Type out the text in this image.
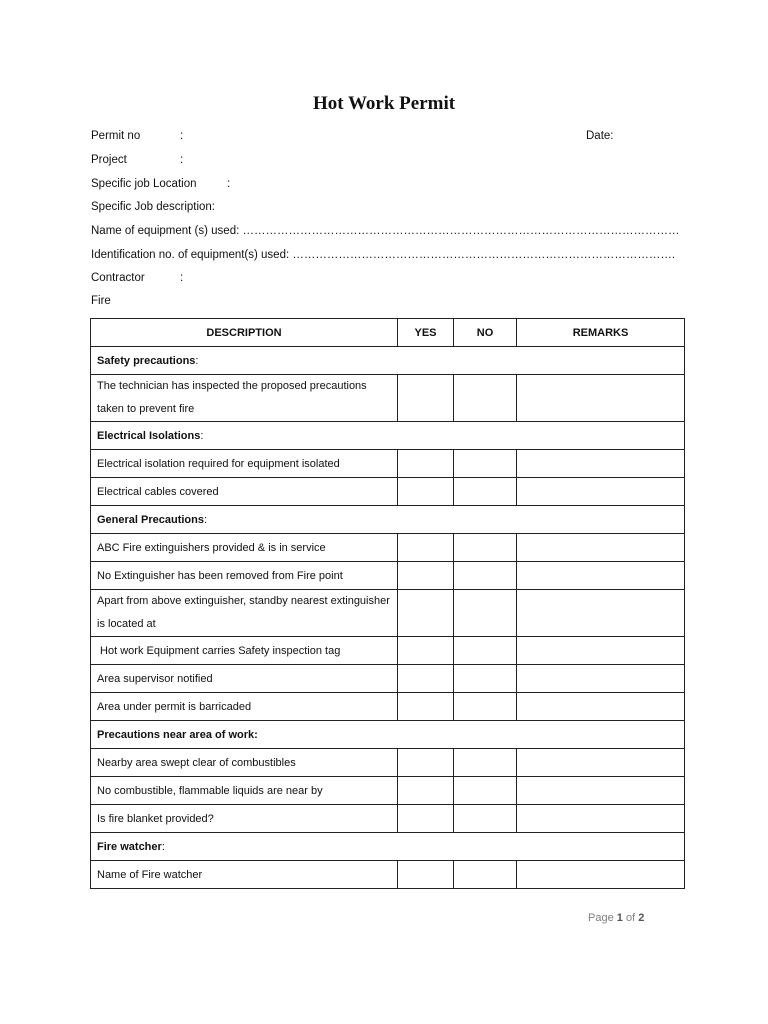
Hot Work Permit
Permit no	:	Date:
Project	:
Specific job Location	:
Specific Job description:
Name of equipment (s) used: ……………………………………………………………………………………………………
Identification no. of equipment(s) used: ……………………………………………………………………………………….
Contractor	:
Fire
DESCRIPTION	YES	NO	REMARKS
Safety precautions:			
The technician has inspected the proposed precautions taken to prevent fire			
Electrical Isolations:			
Electrical isolation required for equipment isolated			
Electrical cables covered			
General Precautions:			
ABC Fire extinguishers provided & is in service			
No Extinguisher has been removed from Fire point			
Apart from above extinguisher, standby nearest extinguisher is located at			
Hot work Equipment carries Safety inspection tag			
Area supervisor notified			
Area under permit is barricaded			
Precautions near area of work:			
Nearby area swept clear of combustibles			
No combustible, flammable liquids are near by			
Is fire blanket provided?			
Fire watcher:			
Name of Fire watcher			
Page 1 of 2
